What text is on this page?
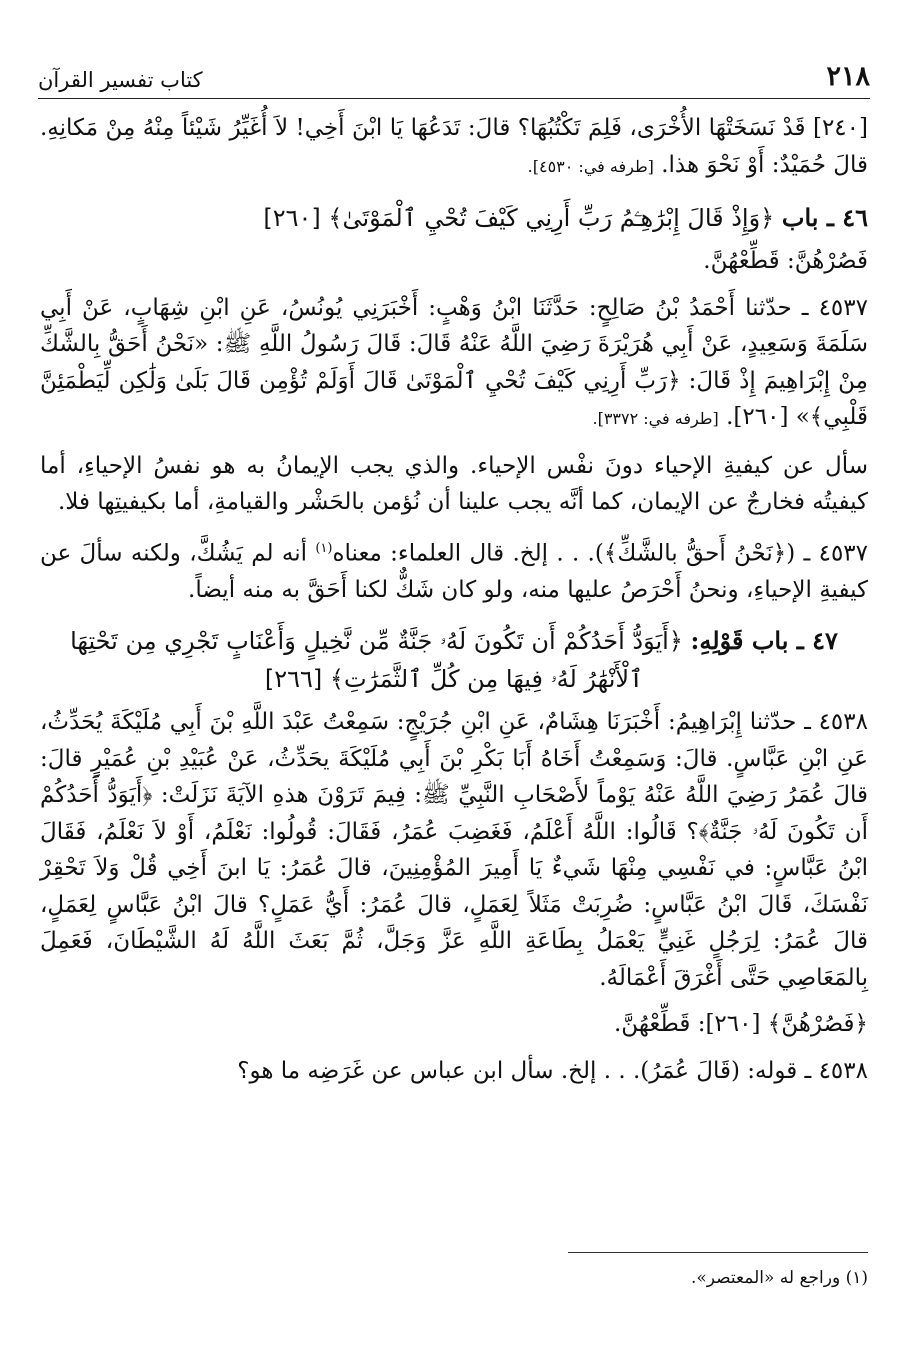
٢١٨
كتاب تفسير القرآن

[٢٤٠] قَدْ نَسَخَتْهَا الأُخْرَى، فَلِمَ تَكْتُبُهَا؟ قالَ: تَدَعُهَا يَا ابْنَ أَخِي! لاَ أُغَيِّرُ شَيْئاً مِنْهُ مِنْ مَكانِهِ. قالَ حُمَيْدٌ: أَوْ نَحْوَ هذا. [طرفه في: ٤٥٣٠].

٤٦ ـ باب ﴿وَإِذْ قَالَ إِبْرَٰهِـۧمُ رَبِّ أَرِنِي كَيْفَ تُحْيِ ٱلْمَوْتَىٰ﴾ [٢٦٠]

فَصُرْهُنَّ: قَطِّعْهُنَّ.

٤٥٣٧ ـ حدّثنا أَحْمَدُ بْنُ صَالِحٍ: حَدَّثَنَا ابْنُ وَهْبٍ: أَخْبَرَنِي يُونُسُ، عَنِ ابْنِ شِهَابٍ، عَنْ أَبِي سَلَمَةَ وَسَعِيدٍ، عَنْ أَبِي هُرَيْرَةَ رَضِيَ اللَّهُ عَنْهُ قَالَ: قَالَ رَسُولُ اللَّهِ ﷺ: «نَحْنُ أَحَقُّ بِالشَّكِّ مِنْ إِبْرَاهِيمَ إِذْ قَالَ: ﴿رَبِّ أَرِنِي كَيْفَ تُحْيِ ٱلْمَوْتَىٰ قَالَ أَوَلَمْ تُؤْمِن قَالَ بَلَىٰ وَلَٰكِن لِّيَطْمَئِنَّ قَلْبِي﴾» [٢٦٠]. [طرفه في: ٣٣٧٢].

سأل عن كيفيةِ الإحياء دونَ نفْس الإحياء. والذي يجب الإيمانُ به هو نفسُ الإحياءِ، أما كيفيتُه فخارجٌ عن الإيمان، كما أنَّه يجب علينا أن نُؤمن بالحَشْر والقيامةِ، أما بكيفيتِها فلا.

٤٥٣٧ ـ (﴿نَحْنُ أَحقُّ بالشَّكِّ﴾). . . إلخ. قال العلماء: معناه$^{(١)}$ أنه لم يَشُكَّ، ولكنه سألَ عن كيفيةِ الإحياءِ، ونحنُ أَحْرَصُ عليها منه، ولو كان شَكٌّ لكنا أَحَقَّ به منه أيضاً.

٤٧ ـ باب قَوْلِهِ: ﴿أَيَوَدُّ أَحَدُكُمْ أَن تَكُونَ لَهُۥ جَنَّةٌ مِّن نَّخِيلٍ وَأَعْنَابٍ تَجْرِي مِن تَحْتِهَا ٱلْأَنْهَٰرُ لَهُۥ فِيهَا مِن كُلِّ ٱلثَّمَرَٰتِ﴾ [٢٦٦]

٤٥٣٨ ـ حدّثنا إِبْرَاهِيمُ: أَخْبَرَنَا هِشَامٌ، عَنِ ابْنِ جُرَيْجٍ: سَمِعْتُ عَبْدَ اللَّهِ بْنَ أَبِي مُلَيْكَةَ يُحَدِّثُ، عَنِ ابْنِ عَبَّاسٍ. قالَ: وَسَمِعْتُ أَخَاهُ أَبَا بَكْرِ بْنَ أَبِي مُلَيْكَةَ يحَدِّثُ، عَنْ عُبَيْدِ بْنِ عُمَيْرٍ قالَ: قالَ عُمَرُ رَضِيَ اللَّهُ عَنْهُ يَوْماً لأَصْحَابِ النَّبِيِّ ﷺ: فِيمَ تَرَوْنَ هذهِ الآيَةَ نَزَلَتْ: ﴿أَيَوَدُّ أَحَدُكُمْ أَن تَكُونَ لَهُۥ جَنَّةٌ﴾؟ قَالُوا: اللَّهُ أَعْلَمُ، فَغَضِبَ عُمَرُ، فَقَالَ: قُولُوا: نَعْلَمُ، أَوْ لاَ نَعْلَمُ، فَقَالَ ابْنُ عَبَّاسٍ: في نَفْسِي مِنْهَا شَيءٌ يَا أَمِيرَ المُؤْمِنِينَ، قالَ عُمَرُ: يَا ابنَ أَخِي قُلْ وَلاَ تَحْقِرْ نَفْسَكَ، قَالَ ابْنُ عَبَّاسٍ: ضُرِبَتْ مَثَلاً لِعَمَلٍ، قالَ عُمَرُ: أَيُّ عَمَلٍ؟ قالَ ابْنُ عَبَّاسٍ لِعَمَلٍ، قالَ عُمَرُ: لِرَجُلٍ غَنِيٍّ يَعْمَلُ بِطَاعَةِ اللَّهِ عَزَّ وَجَلَّ، ثُمَّ بَعَثَ اللَّهُ لَهُ الشَّيْطَانَ، فَعَمِلَ بِالمَعَاصِي حَتَّى أَغْرَقَ أَعْمَالَهُ.

﴿فَصُرْهُنَّ﴾ [٢٦٠]: قَطِّعْهُنَّ.

٤٥٣٨ ـ قوله: (قَالَ عُمَرُ). . . إلخ. سأل ابن عباس عن غَرَضِه ما هو؟

(١) وراجع له «المعتصر».
